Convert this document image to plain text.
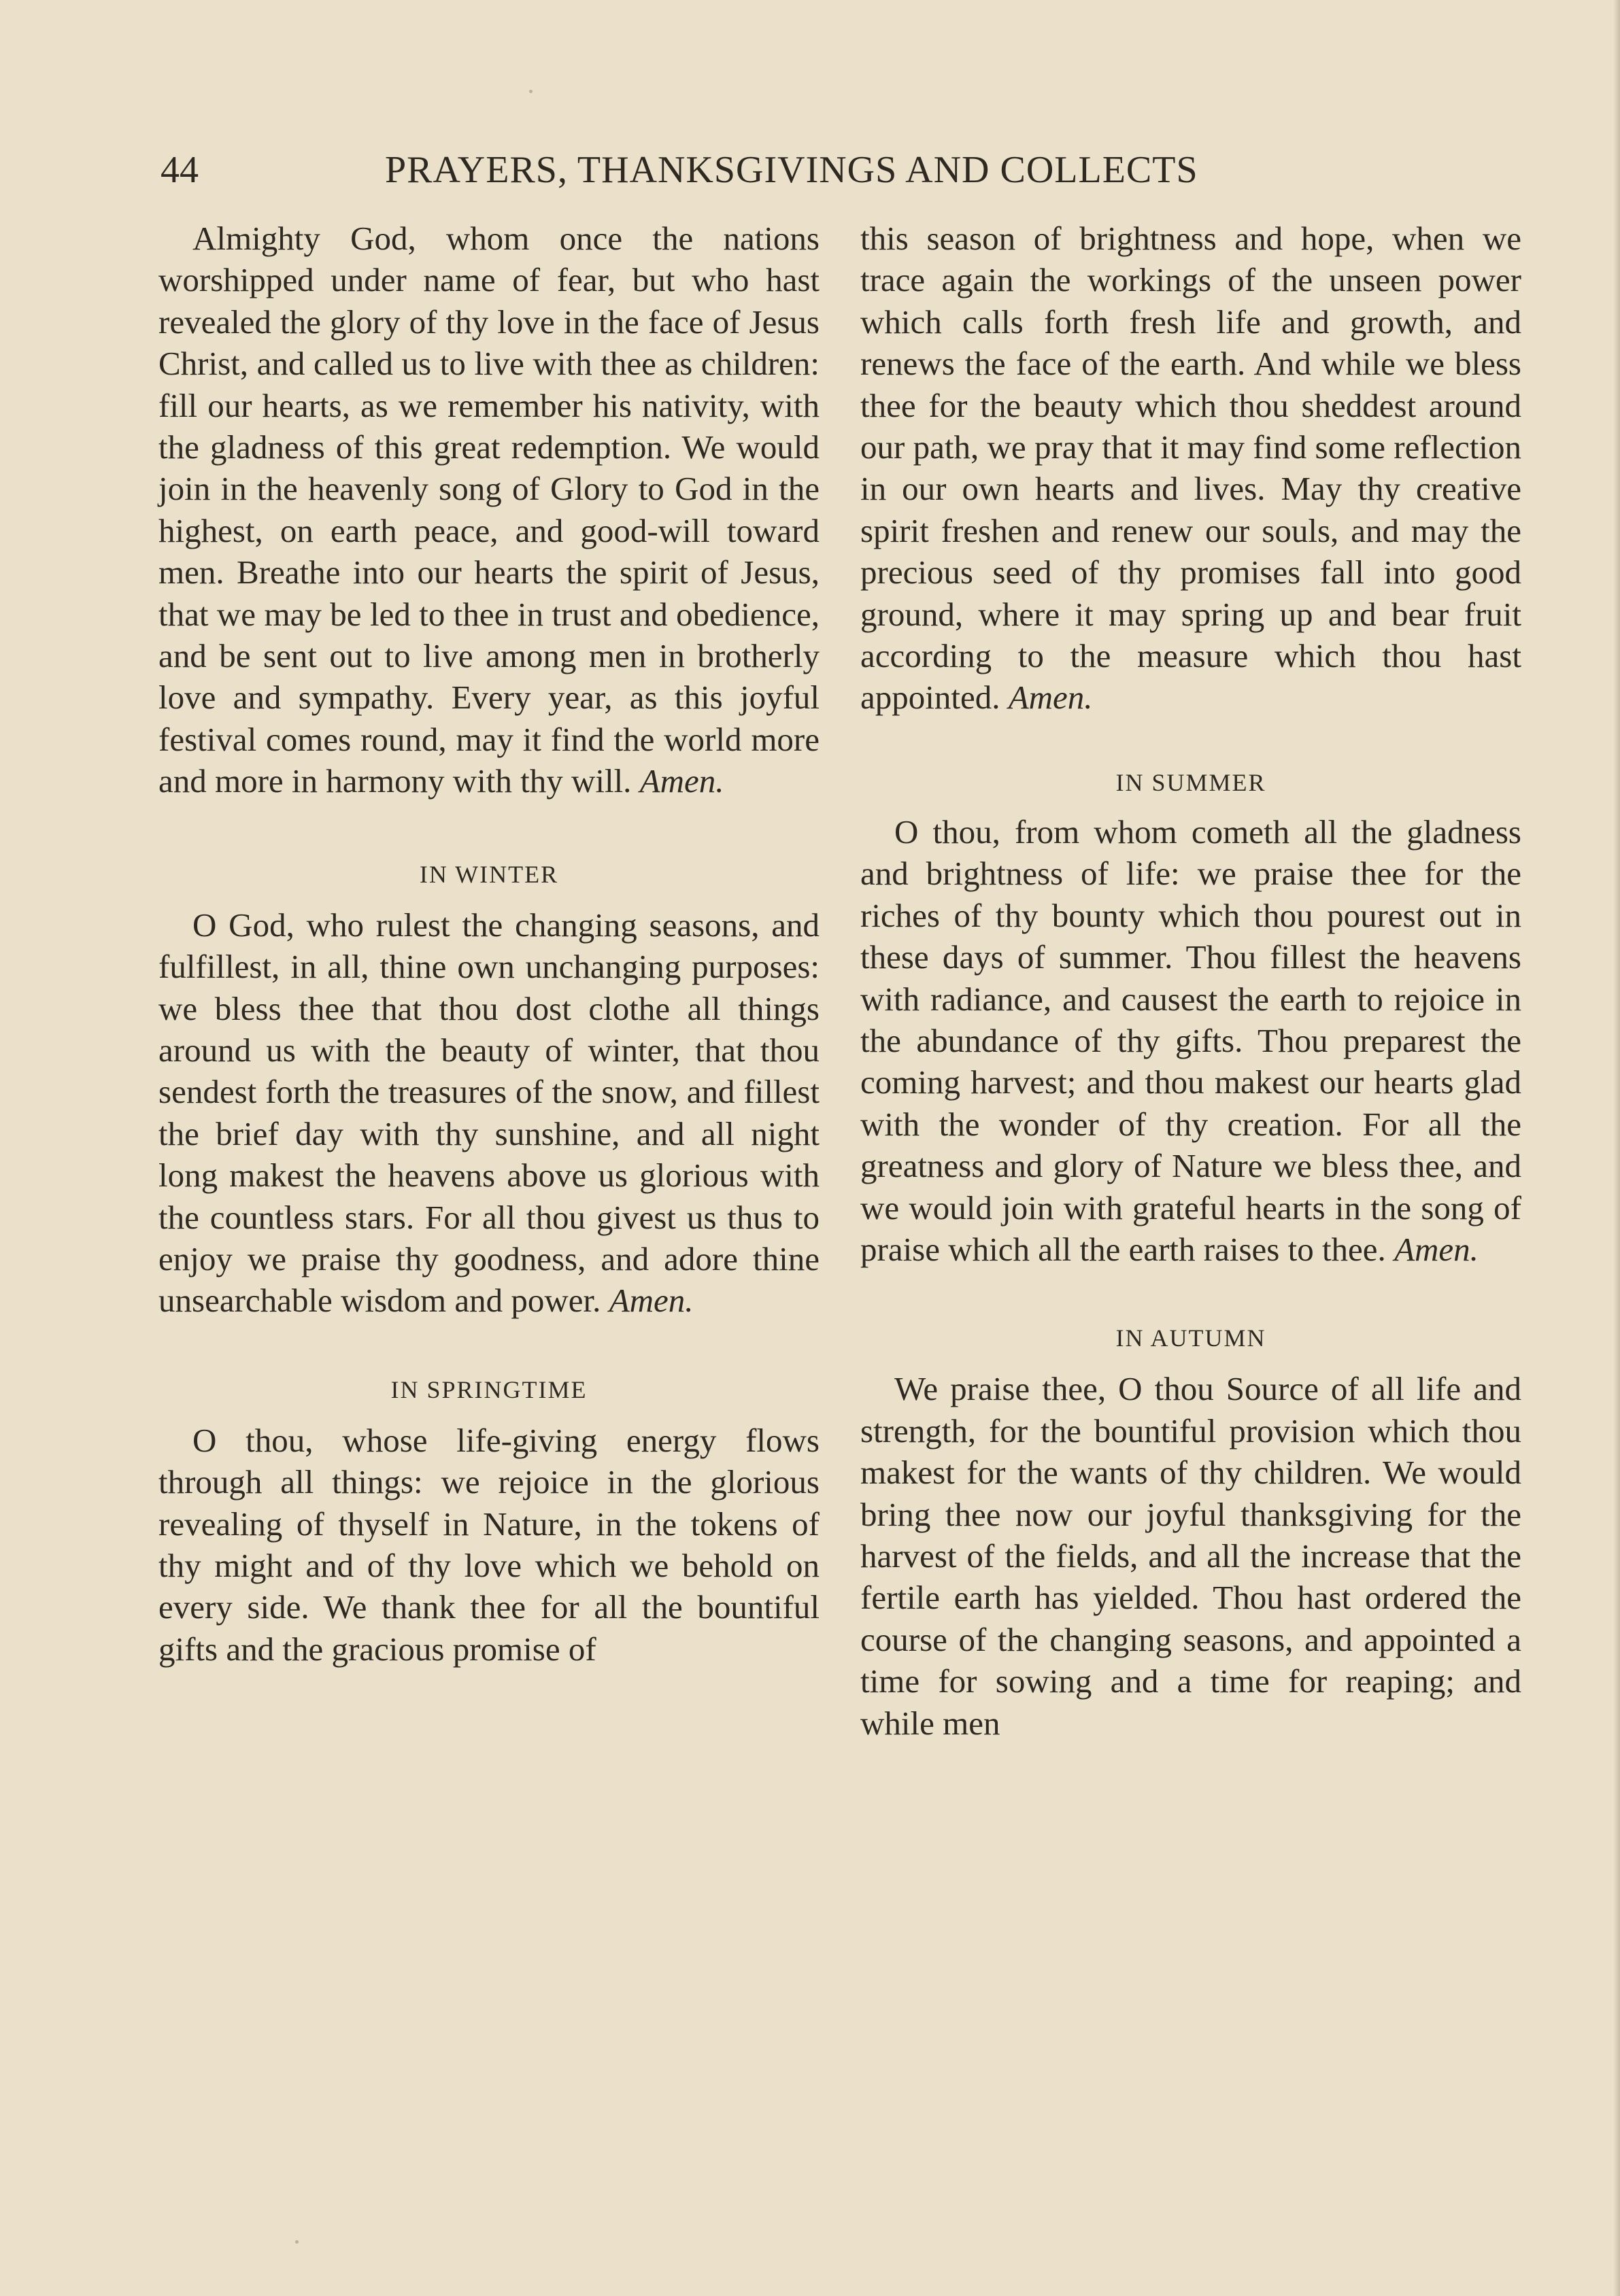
44	PRAYERS, THANKSGIVINGS AND COLLECTS

Almighty God, whom once the nations worshipped under name of fear, but who hast revealed the glory of thy love in the face of Jesus Christ, and called us to live with thee as children: fill our hearts, as we remember his nativity, with the gladness of this great redemption. We would join in the heavenly song of Glory to God in the highest, on earth peace, and good-will toward men. Breathe into our hearts the spirit of Jesus, that we may be led to thee in trust and obedience, and be sent out to live among men in brotherly love and sympathy. Every year, as this joyful festival comes round, may it find the world more and more in harmony with thy will. Amen.

IN WINTER

O God, who rulest the changing seasons, and fulfillest, in all, thine own unchanging purposes: we bless thee that thou dost clothe all things around us with the beauty of winter, that thou sendest forth the treasures of the snow, and fillest the brief day with thy sunshine, and all night long makest the heavens above us glorious with the countless stars. For all thou givest us thus to enjoy we praise thy goodness, and adore thine unsearchable wisdom and power. Amen.

IN SPRINGTIME

O thou, whose life-giving energy flows through all things: we rejoice in the glorious revealing of thyself in Nature, in the tokens of thy might and of thy love which we behold on every side. We thank thee for all the bountiful gifts and the gracious promise of

this season of brightness and hope, when we trace again the workings of the unseen power which calls forth fresh life and growth, and renews the face of the earth. And while we bless thee for the beauty which thou sheddest around our path, we pray that it may find some reflection in our own hearts and lives. May thy creative spirit freshen and renew our souls, and may the precious seed of thy promises fall into good ground, where it may spring up and bear fruit according to the measure which thou hast appointed. Amen.

IN SUMMER

O thou, from whom cometh all the gladness and brightness of life: we praise thee for the riches of thy bounty which thou pourest out in these days of summer. Thou fillest the heavens with radiance, and causest the earth to rejoice in the abundance of thy gifts. Thou preparest the coming harvest; and thou makest our hearts glad with the wonder of thy creation. For all the greatness and glory of Nature we bless thee, and we would join with grateful hearts in the song of praise which all the earth raises to thee. Amen.

IN AUTUMN

We praise thee, O thou Source of all life and strength, for the bountiful provision which thou makest for the wants of thy children. We would bring thee now our joyful thanksgiving for the harvest of the fields, and all the increase that the fertile earth has yielded. Thou hast ordered the course of the changing seasons, and appointed a time for sowing and a time for reaping; and while men
